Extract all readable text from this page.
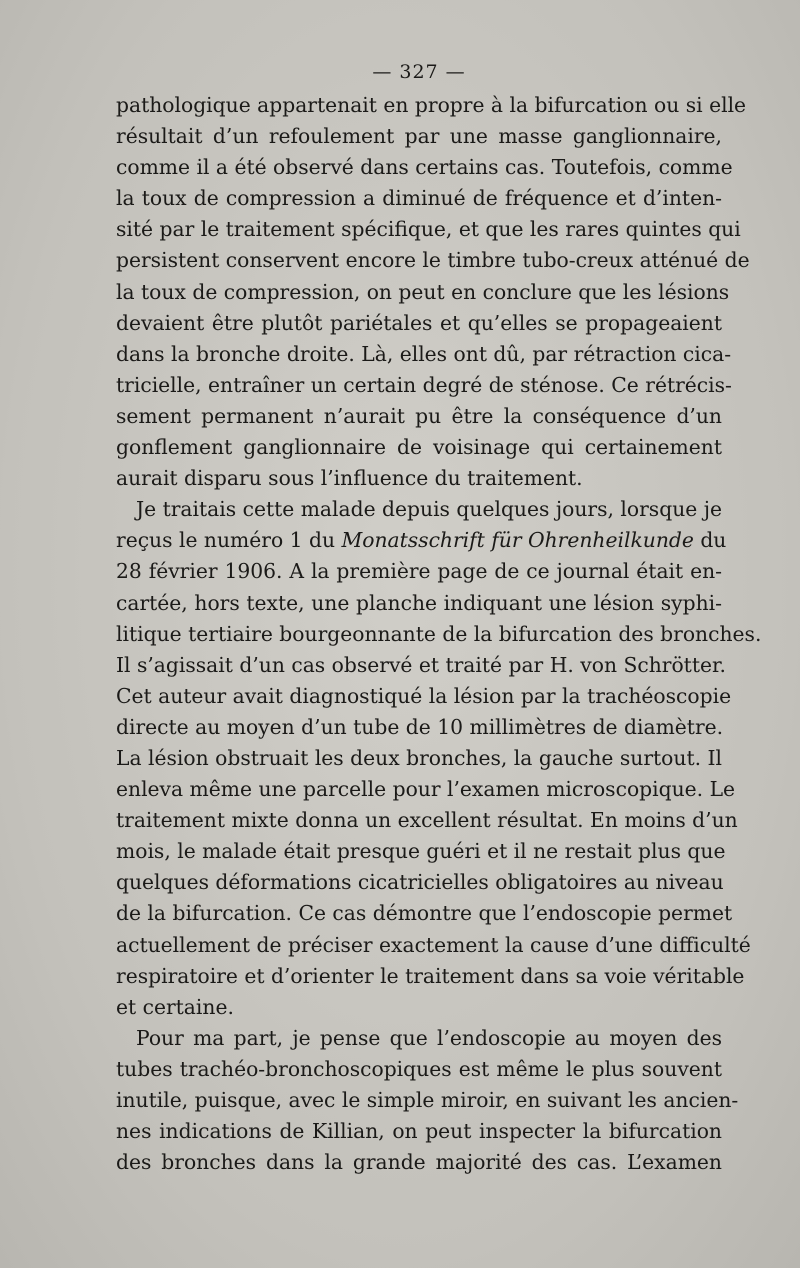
— 327 —

pathologique appartenait en propre à la bifurcation ou si elle
résultait d’un refoulement par une masse ganglionnaire,
comme il a été observé dans certains cas. Toutefois, comme
la toux de compression a diminué de fréquence et d’inten-
sité par le traitement spécifique, et que les rares quintes qui
persistent conservent encore le timbre tubo-creux atténué de
la toux de compression, on peut en conclure que les lésions
devaient être plutôt pariétales et qu’elles se propageaient
dans la bronche droite. Là, elles ont dû, par rétraction cica-
tricielle, entraîner un certain degré de sténose. Ce rétrécis-
sement permanent n’aurait pu être la conséquence d’un
gonflement ganglionnaire de voisinage qui certainement
aurait disparu sous l’influence du traitement.

Je traitais cette malade depuis quelques jours, lorsque je
reçus le numéro 1 du Monatsschrift für Ohrenheilkunde du
28 février 1906. A la première page de ce journal était en-
cartée, hors texte, une planche indiquant une lésion syphi-
litique tertiaire bourgeonnante de la bifurcation des bronches.
Il s’agissait d’un cas observé et traité par H. von Schrötter.
Cet auteur avait diagnostiqué la lésion par la trachéoscopie
directe au moyen d’un tube de 10 millimètres de diamètre.
La lésion obstruait les deux bronches, la gauche surtout. Il
enleva même une parcelle pour l’examen microscopique. Le
traitement mixte donna un excellent résultat. En moins d’un
mois, le malade était presque guéri et il ne restait plus que
quelques déformations cicatricielles obligatoires au niveau
de la bifurcation. Ce cas démontre que l’endoscopie permet
actuellement de préciser exactement la cause d’une difficulté
respiratoire et d’orienter le traitement dans sa voie véritable
et certaine.

Pour ma part, je pense que l’endoscopie au moyen des
tubes trachéo-bronchoscopiques est même le plus souvent
inutile, puisque, avec le simple miroir, en suivant les ancien-
nes indications de Killian, on peut inspecter la bifurcation
des bronches dans la grande majorité des cas. L’examen
